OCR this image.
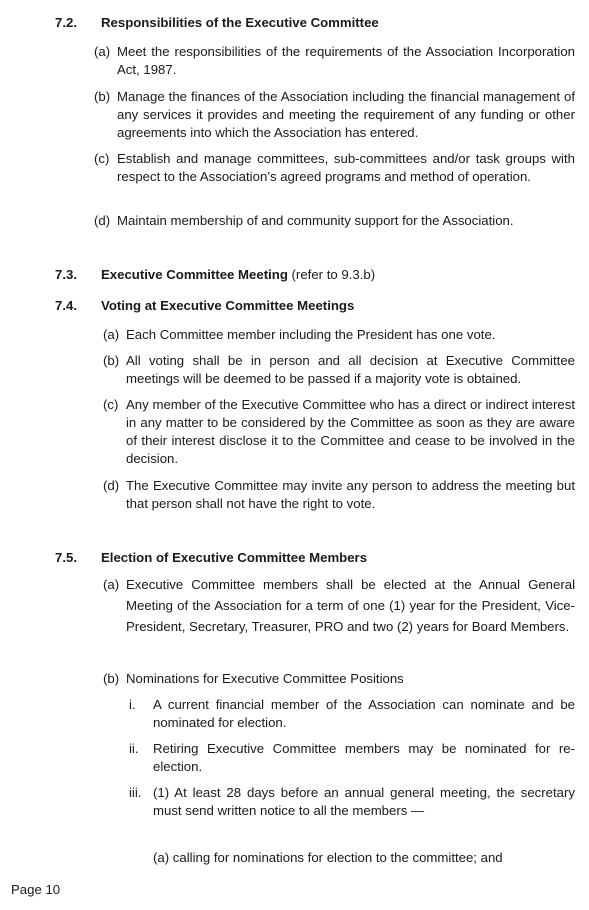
7.2. Responsibilities of the Executive Committee
(a) Meet the responsibilities of the requirements of the Association Incorporation Act, 1987.
(b) Manage the finances of the Association including the financial management of any services it provides and meeting the requirement of any funding or other agreements into which the Association has entered.
(c) Establish and manage committees, sub-committees and/or task groups with respect to the Association’s agreed programs and method of operation.
(d) Maintain membership of and community support for the Association.
7.3. Executive Committee Meeting (refer to 9.3.b)
7.4. Voting at Executive Committee Meetings
(a) Each Committee member including the President has one vote.
(b) All voting shall be in person and all decision at Executive Committee meetings will be deemed to be passed if a majority vote is obtained.
(c) Any member of the Executive Committee who has a direct or indirect interest in any matter to be considered by the Committee as soon as they are aware of their interest disclose it to the Committee and cease to be involved in the decision.
(d) The Executive Committee may invite any person to address the meeting but that person shall not have the right to vote.
7.5. Election of Executive Committee Members
(a) Executive Committee members shall be elected at the Annual General Meeting of the Association for a term of one (1) year for the President, Vice-President, Secretary, Treasurer, PRO and two (2) years for Board Members.
(b) Nominations for Executive Committee Positions
i.	A current financial member of the Association can nominate and be nominated for election.
ii.	Retiring Executive Committee members may be nominated for re-election.
iii. (1) At least 28 days before an annual general meeting, the secretary must send written notice to all the members —
(a) calling for nominations for election to the committee; and
Page 10
